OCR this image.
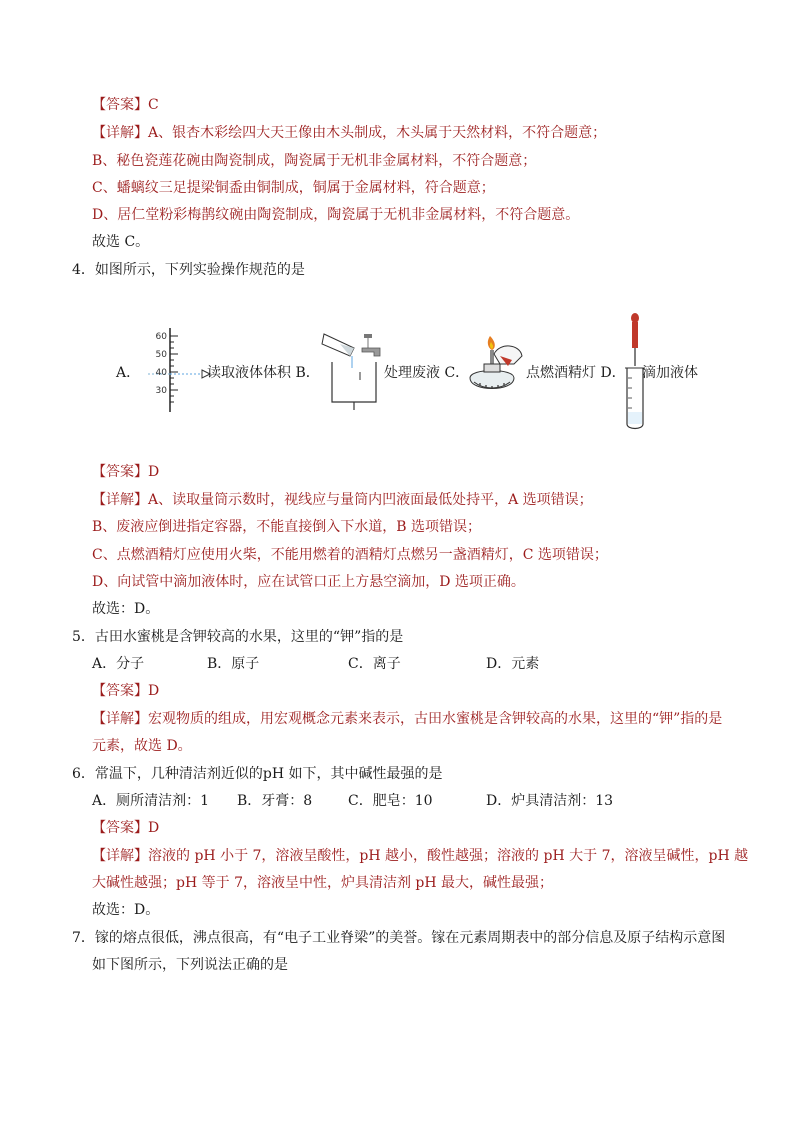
【答案】C
【详解】A、银杏木彩绘四大天王像由木头制成，木头属于天然材料，不符合题意；
B、秘色瓷莲花碗由陶瓷制成，陶瓷属于无机非金属材料，不符合题意；
C、蟠螭纹三足提梁铜盉由铜制成，铜属于金属材料，符合题意；
D、居仁堂粉彩梅鹊纹碗由陶瓷制成，陶瓷属于无机非金属材料，不符合题意。
故选 C。
4．如图所示，下列实验操作规范的是
A．
60
50
40
30
读取液体体积 B．	处理废液 C．	点燃酒精灯 D． 滴加液体
【答案】D
【详解】A、读取量筒示数时，视线应与量筒内凹液面最低处持平，A 选项错误；
B、废液应倒进指定容器，不能直接倒入下水道，B 选项错误；
C、点燃酒精灯应使用火柴，不能用燃着的酒精灯点燃另一盏酒精灯，C 选项错误；
D、向试管中滴加液体时，应在试管口正上方悬空滴加，D 选项正确。
故选：D。
5．古田水蜜桃是含钾较高的水果，这里的“钾”指的是
A．分子	B．原子	C．离子	D．元素
【答案】D
【详解】宏观物质的组成，用宏观概念元素来表示，古田水蜜桃是含钾较高的水果，这里的“钾”指的是
元素，故选 D。
6．常温下，几种清洁剂近似的pH 如下，其中碱性最强的是
A．厕所清洁剂：1 B．牙膏：8	C．肥皂：10	D．炉具清洁剂：13
【答案】D
【详解】溶液的 pH 小于 7，溶液呈酸性，pH 越小，酸性越强；溶液的 pH 大于 7，溶液呈碱性，pH 越
大碱性越强；pH 等于 7，溶液呈中性，炉具清洁剂 pH 最大，碱性最强；
故选：D。
7．镓的熔点很低，沸点很高，有“电子工业脊梁”的美誉。镓在元素周期表中的部分信息及原子结构示意图
如下图所示，下列说法正确的是
